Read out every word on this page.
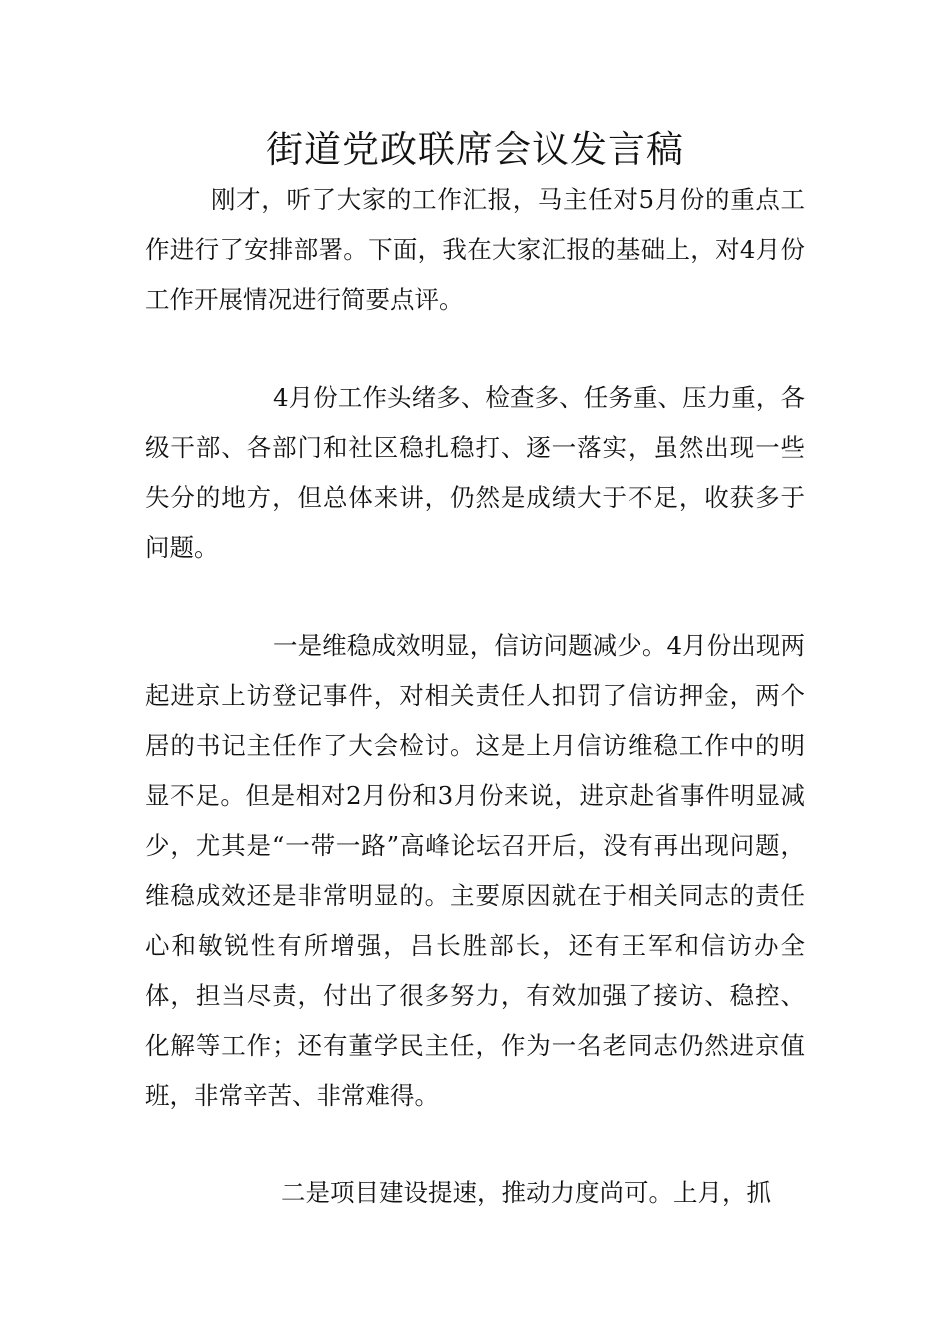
街道党政联席会议发言稿

刚才，听了大家的工作汇报，马主任对5月份的重点工作进行了安排部署。下面，我在大家汇报的基础上，对4月份工作开展情况进行简要点评。

4月份工作头绪多、检查多、任务重、压力重，各级干部、各部门和社区稳扎稳打、逐一落实，虽然出现一些失分的地方，但总体来讲，仍然是成绩大于不足，收获多于问题。

一是维稳成效明显，信访问题减少。4月份出现两起进京上访登记事件，对相关责任人扣罚了信访押金，两个居的书记主任作了大会检讨。这是上月信访维稳工作中的明显不足。但是相对2月份和3月份来说，进京赴省事件明显减少，尤其是“一带一路”高峰论坛召开后，没有再出现问题，维稳成效还是非常明显的。主要原因就在于相关同志的责任心和敏锐性有所增强，吕长胜部长，还有王军和信访办全体，担当尽责，付出了很多努力，有效加强了接访、稳控、化解等工作；还有董学民主任，作为一名老同志仍然进京值班，非常辛苦、非常难得。

二是项目建设提速，推动力度尚可。上月，抓
